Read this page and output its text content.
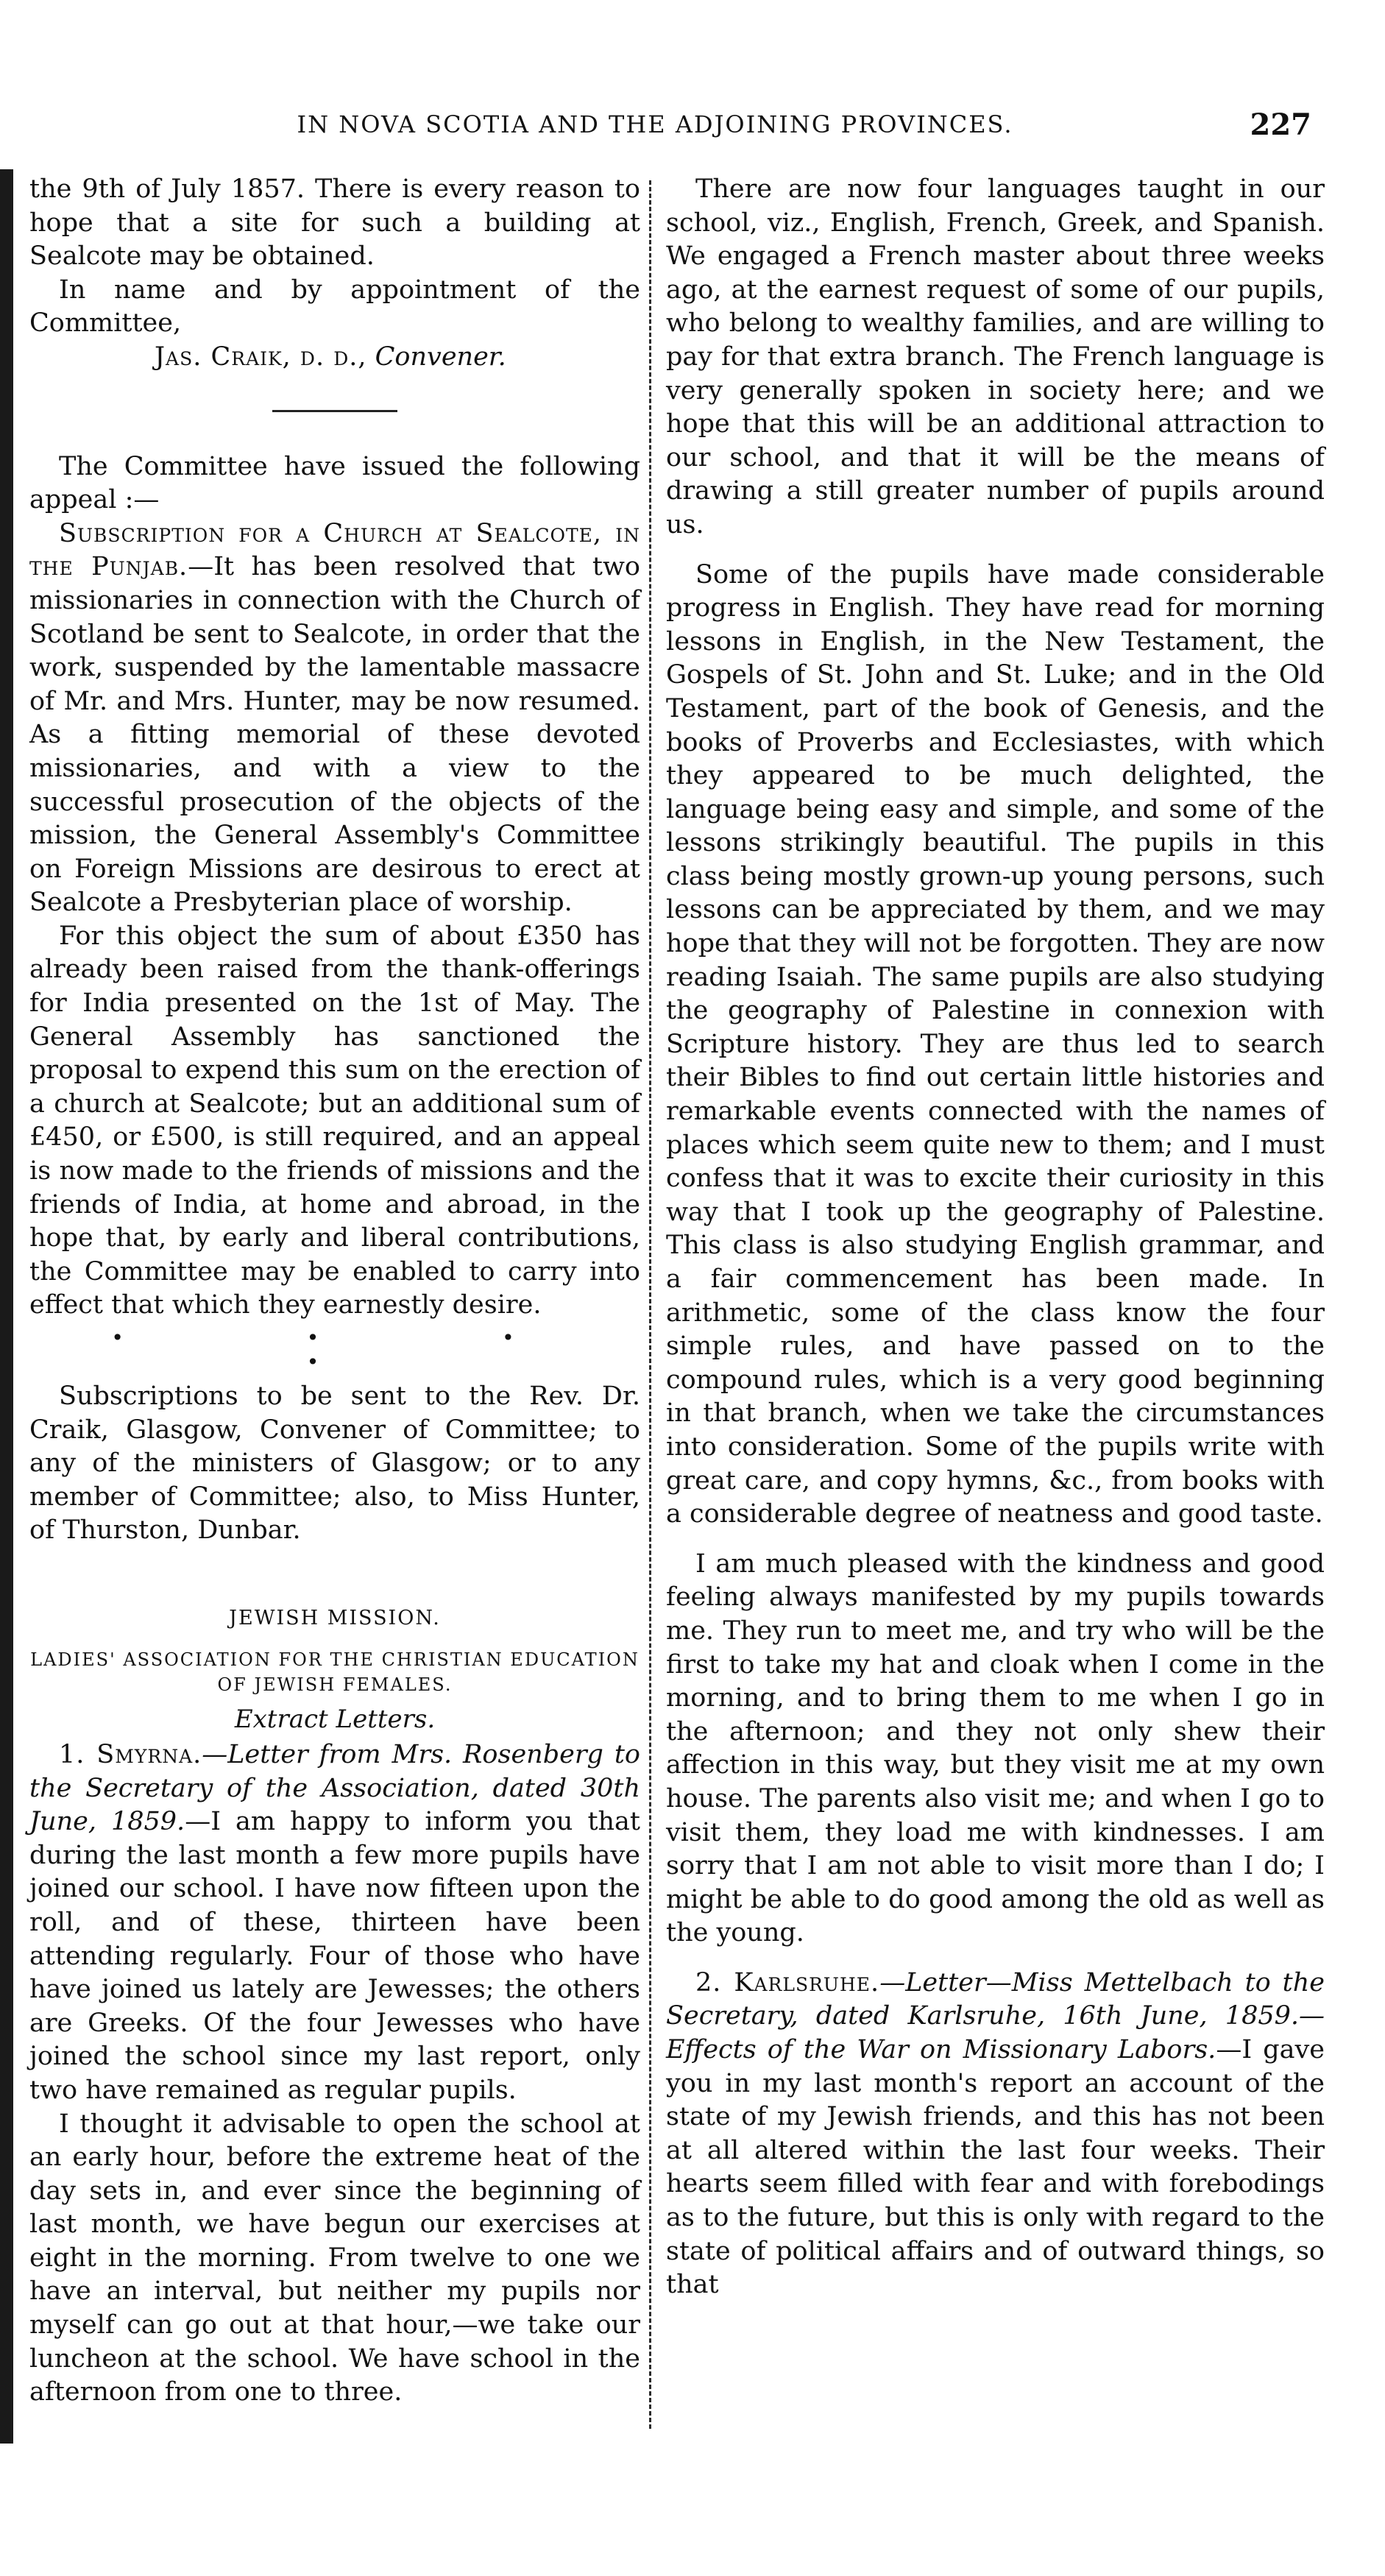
IN NOVA SCOTIA AND THE ADJOINING PROVINCES.	227

the 9th of July 1857. There is every reason to hope that a site for such a building at Sealcote may be obtained.

In name and by appointment of the Committee,

Jas. Craik, d. d., Convener.

The Committee have issued the following appeal :—

Subscription for a Church at Sealcote, in the Punjab.—It has been resolved that two missionaries in connection with the Church of Scotland be sent to Sealcote, in order that the work, suspended by the lamentable massacre of Mr. and Mrs. Hunter, may be now resumed. As a fitting memorial of these devoted missionaries, and with a view to the successful prosecution of the objects of the mission, the General Assembly's Committee on Foreign Missions are desirous to erect at Sealcote a Presbyterian place of worship.

For this object the sum of about £350 has already been raised from the thank-offerings for India presented on the 1st of May. The General Assembly has sanctioned the proposal to expend this sum on the erection of a church at Sealcote; but an additional sum of £450, or £500, is still required, and an appeal is now made to the friends of missions and the friends of India, at home and abroad, in the hope that, by early and liberal contributions, the Committee may be enabled to carry into effect that which they earnestly desire.

• • • •

Subscriptions to be sent to the Rev. Dr. Craik, Glasgow, Convener of Committee; to any of the ministers of Glasgow; or to any member of Committee; also, to Miss Hunter, of Thurston, Dunbar.

JEWISH MISSION.
LADIES' ASSOCIATION FOR THE CHRISTIAN EDUCATION OF JEWISH FEMALES.
Extract Letters.

1. Smyrna.—Letter from Mrs. Rosenberg to the Secretary of the Association, dated 30th June, 1859.—I am happy to inform you that during the last month a few more pupils have joined our school. I have now fifteen upon the roll, and of these, thirteen have been attending regularly. Four of those who have have joined us lately are Jewesses; the others are Greeks. Of the four Jewesses who have joined the school since my last report, only two have remained as regular pupils.

I thought it advisable to open the school at an early hour, before the extreme heat of the day sets in, and ever since the beginning of last month, we have begun our exercises at eight in the morning. From twelve to one we have an interval, but neither my pupils nor myself can go out at that hour,—we take our luncheon at the school. We have school in the afternoon from one to three.

There are now four languages taught in our school, viz., English, French, Greek, and Spanish. We engaged a French master about three weeks ago, at the earnest request of some of our pupils, who belong to wealthy families, and are willing to pay for that extra branch. The French language is very generally spoken in society here; and we hope that this will be an additional attraction to our school, and that it will be the means of drawing a still greater number of pupils around us.

Some of the pupils have made considerable progress in English. They have read for morning lessons in English, in the New Testament, the Gospels of St. John and St. Luke; and in the Old Testament, part of the book of Genesis, and the books of Proverbs and Ecclesiastes, with which they appeared to be much delighted, the language being easy and simple, and some of the lessons strikingly beautiful. The pupils in this class being mostly grown-up young persons, such lessons can be appreciated by them, and we may hope that they will not be forgotten. They are now reading Isaiah. The same pupils are also studying the geography of Palestine in connexion with Scripture history. They are thus led to search their Bibles to find out certain little histories and remarkable events connected with the names of places which seem quite new to them; and I must confess that it was to excite their curiosity in this way that I took up the geography of Palestine. This class is also studying English grammar, and a fair commencement has been made. In arithmetic, some of the class know the four simple rules, and have passed on to the compound rules, which is a very good beginning in that branch, when we take the circumstances into consideration. Some of the pupils write with great care, and copy hymns, &c., from books with a considerable degree of neatness and good taste.

I am much pleased with the kindness and good feeling always manifested by my pupils towards me. They run to meet me, and try who will be the first to take my hat and cloak when I come in the morning, and to bring them to me when I go in the afternoon; and they not only shew their affection in this way, but they visit me at my own house. The parents also visit me; and when I go to visit them, they load me with kindnesses. I am sorry that I am not able to visit more than I do; I might be able to do good among the old as well as the young.

2. Karlsruhe.—Letter—Miss Mettelbach to the Secretary, dated Karlsruhe, 16th June, 1859.—Effects of the War on Missionary Labors.—I gave you in my last month's report an account of the state of my Jewish friends, and this has not been at all altered within the last four weeks. Their hearts seem filled with fear and with forebodings as to the future, but this is only with regard to the state of political affairs and of outward things, so that
